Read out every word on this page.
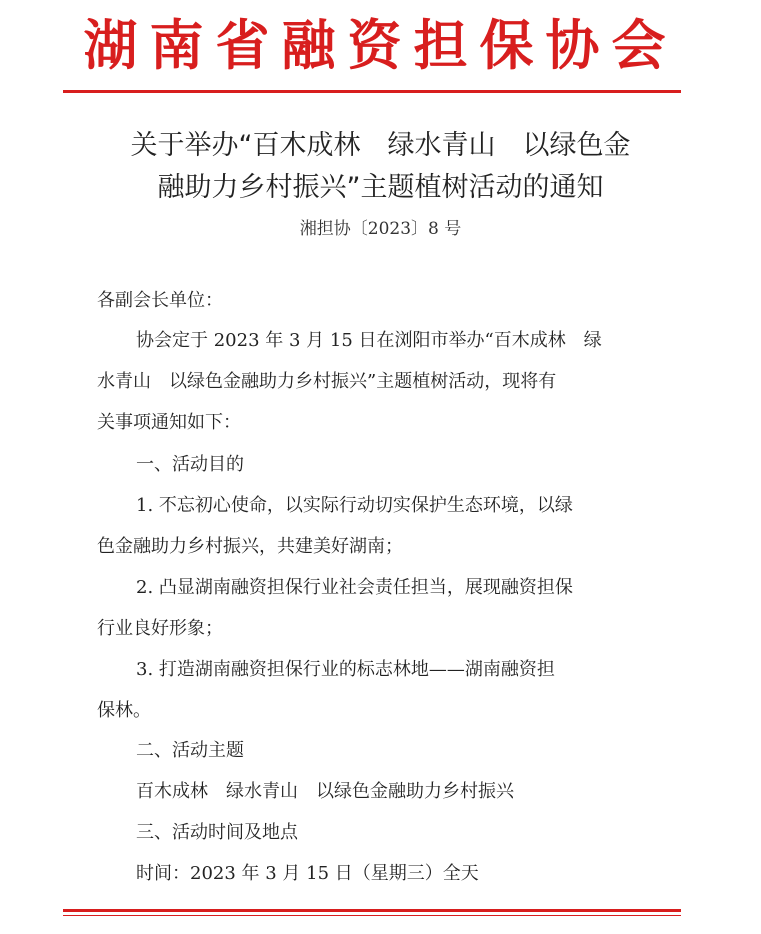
湖南省融资担保协会
关于举办“百木成林　绿水青山　以绿色金
融助力乡村振兴”主题植树活动的通知
湘担协〔2023〕8 号
各副会长单位：
协会定于 2023 年 3 月 15 日在浏阳市举办“百木成林　绿
水青山　以绿色金融助力乡村振兴”主题植树活动，现将有
关事项通知如下：
一、活动目的
1. 不忘初心使命，以实际行动切实保护生态环境，以绿
色金融助力乡村振兴，共建美好湖南；
2. 凸显湖南融资担保行业社会责任担当，展现融资担保
行业良好形象；
3. 打造湖南融资担保行业的标志林地——湖南融资担
保林。
二、活动主题
百木成林　绿水青山　以绿色金融助力乡村振兴
三、活动时间及地点
时间：2023 年 3 月 15 日（星期三）全天
